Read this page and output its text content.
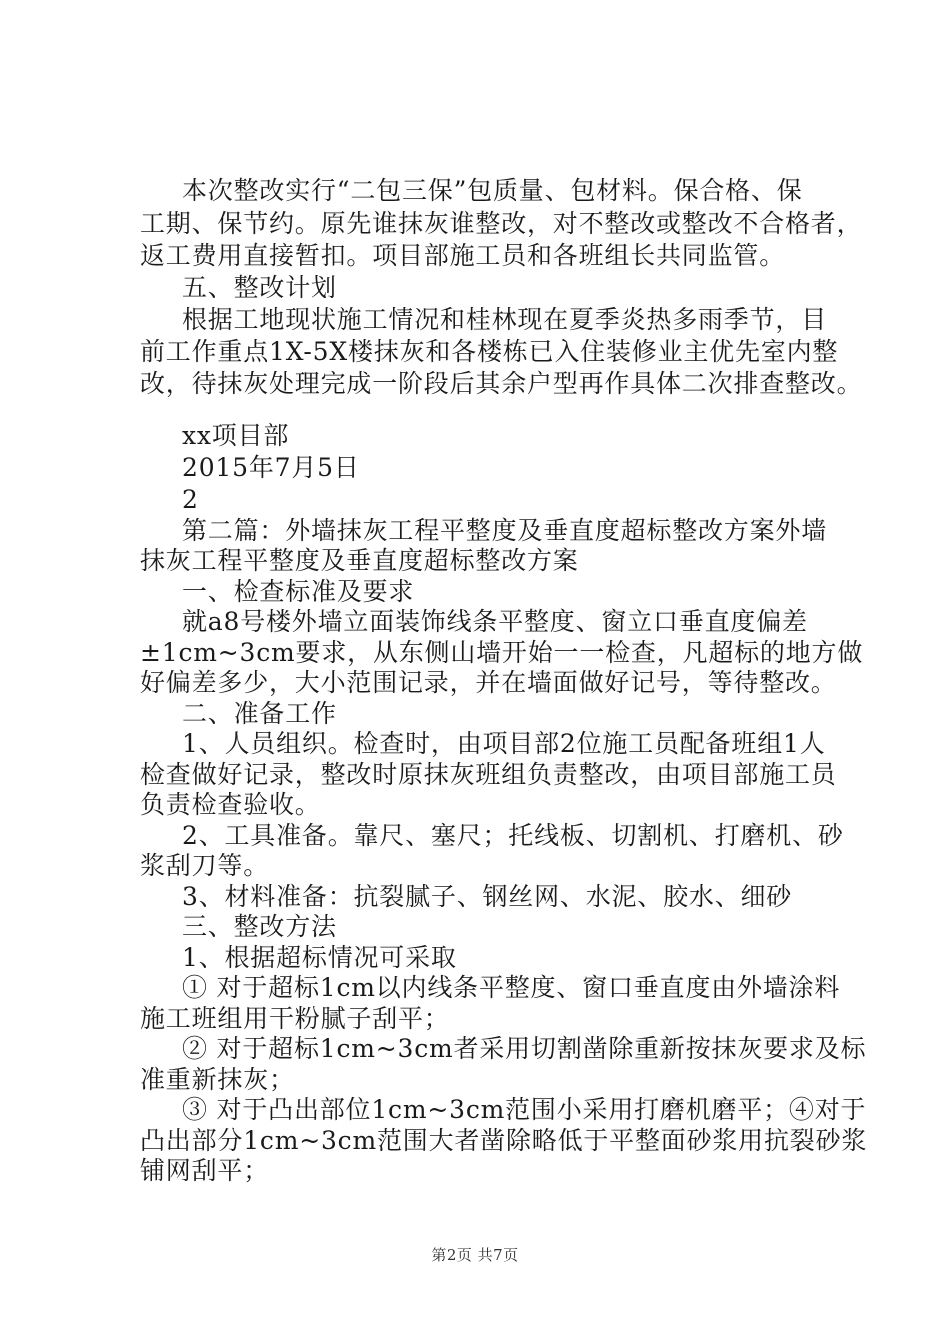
本次整改实行“二包三保”包质量、包材料。保合格、保
工期、保节约。原先谁抹灰谁整改，对不整改或整改不合格者，
返工费用直接暂扣。项目部施工员和各班组长共同监管。
五、整改计划
根据工地现状施工情况和桂林现在夏季炎热多雨季节，目
前工作重点1X-5X楼抹灰和各楼栋已入住装修业主优先室内整
改，待抹灰处理完成一阶段后其余户型再作具体二次排查整改。
xx项目部
2015年7月5日
2
第二篇：外墙抹灰工程平整度及垂直度超标整改方案外墙
抹灰工程平整度及垂直度超标整改方案
一、检查标准及要求
就a8号楼外墙立面装饰线条平整度、窗立口垂直度偏差
±1cm~3cm要求，从东侧山墙开始一一检查，凡超标的地方做
好偏差多少，大小范围记录，并在墙面做好记号，等待整改。
二、准备工作
1、人员组织。检查时，由项目部2位施工员配备班组1人
检查做好记录，整改时原抹灰班组负责整改，由项目部施工员
负责检查验收。
2、工具准备。靠尺、塞尺；托线板、切割机、打磨机、砂
浆刮刀等。
3、材料准备：抗裂腻子、钢丝网、水泥、胶水、细砂
三、整改方法
1、根据超标情况可采取
① 对于超标1cm以内线条平整度、窗口垂直度由外墙涂料
施工班组用干粉腻子刮平；
② 对于超标1cm~3cm者采用切割凿除重新按抹灰要求及标
准重新抹灰；
③ 对于凸出部位1cm~3cm范围小采用打磨机磨平；④对于
凸出部分1cm~3cm范围大者凿除略低于平整面砂浆用抗裂砂浆
铺网刮平；
第2页 共7页
